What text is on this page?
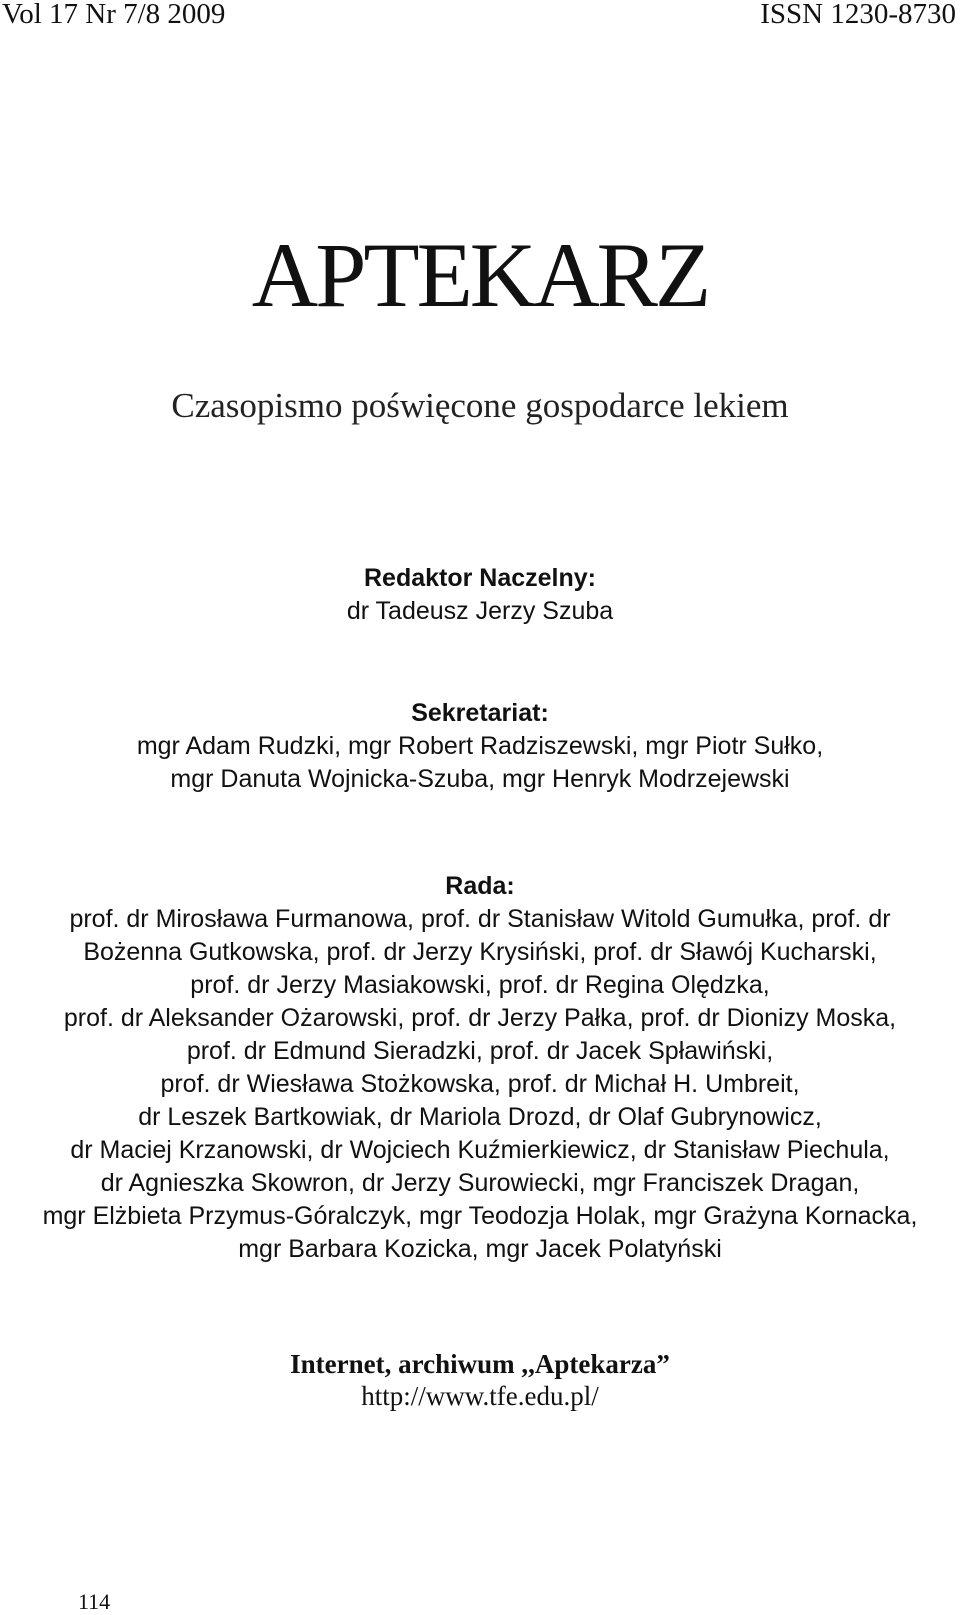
Vol 17 Nr 7/8 2009	ISSN 1230-8730
APTEKARZ
Czasopismo poświęcone gospodarce lekiem
Redaktor Naczelny:
dr Tadeusz Jerzy Szuba
Sekretariat:
mgr Adam Rudzki, mgr Robert Radziszewski, mgr Piotr Sułko,
mgr Danuta Wojnicka-Szuba, mgr Henryk Modrzejewski
Rada:
prof. dr Mirosława Furmanowa, prof. dr Stanisław Witold Gumułka, prof. dr
Bożenna Gutkowska, prof. dr Jerzy Krysiński, prof. dr Sławój Kucharski,
prof. dr Jerzy Masiakowski, prof. dr Regina Olędzka,
prof. dr Aleksander Ożarowski, prof. dr Jerzy Pałka, prof. dr Dionizy Moska,
prof. dr Edmund Sieradzki, prof. dr Jacek Spławiński,
prof. dr Wiesława Stożkowska, prof. dr Michał H. Umbreit,
dr Leszek Bartkowiak, dr Mariola Drozd, dr Olaf Gubrynowicz,
dr Maciej Krzanowski, dr Wojciech Kuźmierkiewicz, dr Stanisław Piechula,
dr Agnieszka Skowron, dr Jerzy Surowiecki, mgr Franciszek Dragan,
mgr Elżbieta Przymus-Góralczyk, mgr Teodozja Holak, mgr Grażyna Kornacka,
mgr Barbara Kozicka, mgr Jacek Polatyński
Internet, archiwum ,,Aptekarza”
http://www.tfe.edu.pl/
114
